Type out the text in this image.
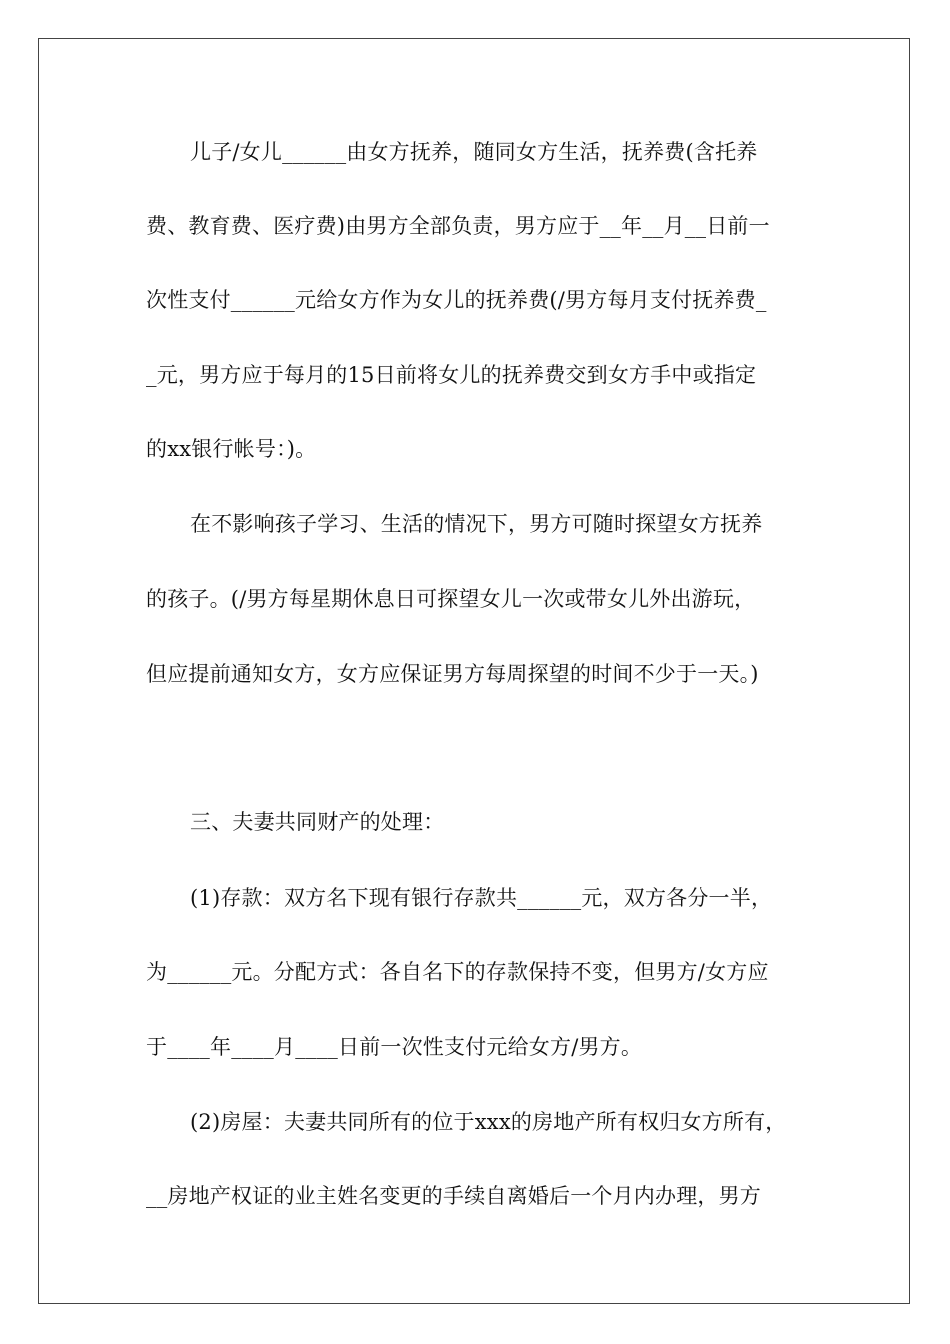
儿子/女儿______由女方抚养，随同女方生活，抚养费(含托养
费、教育费、医疗费)由男方全部负责，男方应于__年__月__日前一
次性支付______元给女方作为女儿的抚养费(/男方每月支付抚养费_
_元，男方应于每月的15日前将女儿的抚养费交到女方手中或指定
的xx银行帐号：)。
在不影响孩子学习、生活的情况下，男方可随时探望女方抚养
的孩子。(/男方每星期休息日可探望女儿一次或带女儿外出游玩，
但应提前通知女方，女方应保证男方每周探望的时间不少于一天。)
三、夫妻共同财产的处理：
(1)存款：双方名下现有银行存款共______元，双方各分一半，
为______元。分配方式：各自名下的存款保持不变，但男方/女方应
于____年____月____日前一次性支付元给女方/男方。
(2)房屋：夫妻共同所有的位于xxx的房地产所有权归女方所有，
__房地产权证的业主姓名变更的手续自离婚后一个月内办理，男方
